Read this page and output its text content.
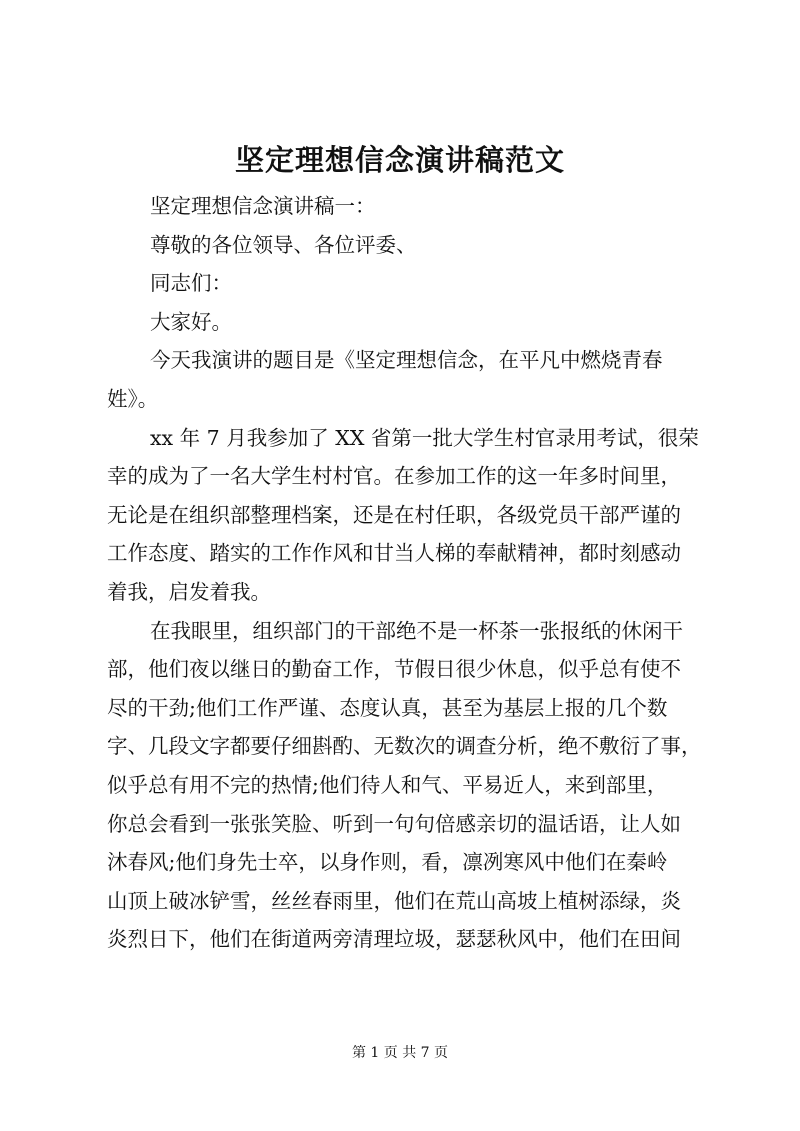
坚定理想信念演讲稿范文
坚定理想信念演讲稿一：
尊敬的各位领导、各位评委、
同志们：
大家好。
今天我演讲的题目是《坚定理想信念，在平凡中燃烧青春
姓》。
xx 年 7 月我参加了 XX 省第一批大学生村官录用考试，很荣
幸的成为了一名大学生村村官。在参加工作的这一年多时间里，
无论是在组织部整理档案，还是在村任职，各级党员干部严谨的
工作态度、踏实的工作作风和甘当人梯的奉献精神，都时刻感动
着我，启发着我。
在我眼里，组织部门的干部绝不是一杯茶一张报纸的休闲干
部，他们夜以继日的勤奋工作，节假日很少休息，似乎总有使不
尽的干劲;他们工作严谨、态度认真，甚至为基层上报的几个数
字、几段文字都要仔细斟酌、无数次的调查分析，绝不敷衍了事，
似乎总有用不完的热情;他们待人和气、平易近人，来到部里，
你总会看到一张张笑脸、听到一句句倍感亲切的温话语，让人如
沐春风;他们身先士卒，以身作则，看，凛冽寒风中他们在秦岭
山顶上破冰铲雪，丝丝春雨里，他们在荒山高坡上植树添绿，炎
炎烈日下，他们在街道两旁清理垃圾，瑟瑟秋风中，他们在田间
第 1 页 共 7 页
